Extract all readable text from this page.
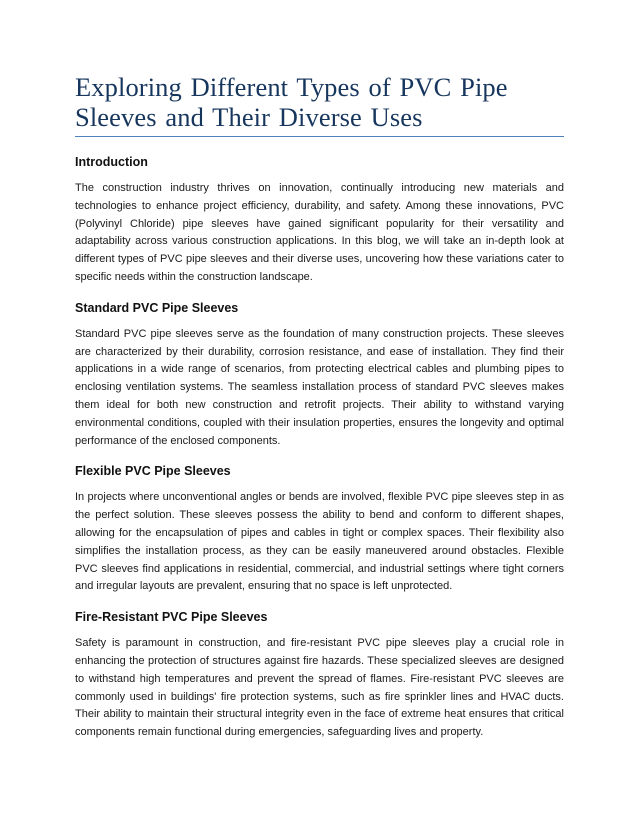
Exploring Different Types of PVC Pipe Sleeves and Their Diverse Uses
Introduction

The construction industry thrives on innovation, continually introducing new materials and technologies to enhance project efficiency, durability, and safety. Among these innovations, PVC (Polyvinyl Chloride) pipe sleeves have gained significant popularity for their versatility and adaptability across various construction applications. In this blog, we will take an in-depth look at different types of PVC pipe sleeves and their diverse uses, uncovering how these variations cater to specific needs within the construction landscape.

Standard PVC Pipe Sleeves

Standard PVC pipe sleeves serve as the foundation of many construction projects. These sleeves are characterized by their durability, corrosion resistance, and ease of installation. They find their applications in a wide range of scenarios, from protecting electrical cables and plumbing pipes to enclosing ventilation systems. The seamless installation process of standard PVC sleeves makes them ideal for both new construction and retrofit projects. Their ability to withstand varying environmental conditions, coupled with their insulation properties, ensures the longevity and optimal performance of the enclosed components.

Flexible PVC Pipe Sleeves

In projects where unconventional angles or bends are involved, flexible PVC pipe sleeves step in as the perfect solution. These sleeves possess the ability to bend and conform to different shapes, allowing for the encapsulation of pipes and cables in tight or complex spaces. Their flexibility also simplifies the installation process, as they can be easily maneuvered around obstacles. Flexible PVC sleeves find applications in residential, commercial, and industrial settings where tight corners and irregular layouts are prevalent, ensuring that no space is left unprotected.

Fire-Resistant PVC Pipe Sleeves

Safety is paramount in construction, and fire-resistant PVC pipe sleeves play a crucial role in enhancing the protection of structures against fire hazards. These specialized sleeves are designed to withstand high temperatures and prevent the spread of flames. Fire-resistant PVC sleeves are commonly used in buildings' fire protection systems, such as fire sprinkler lines and HVAC ducts. Their ability to maintain their structural integrity even in the face of extreme heat ensures that critical components remain functional during emergencies, safeguarding lives and property.
